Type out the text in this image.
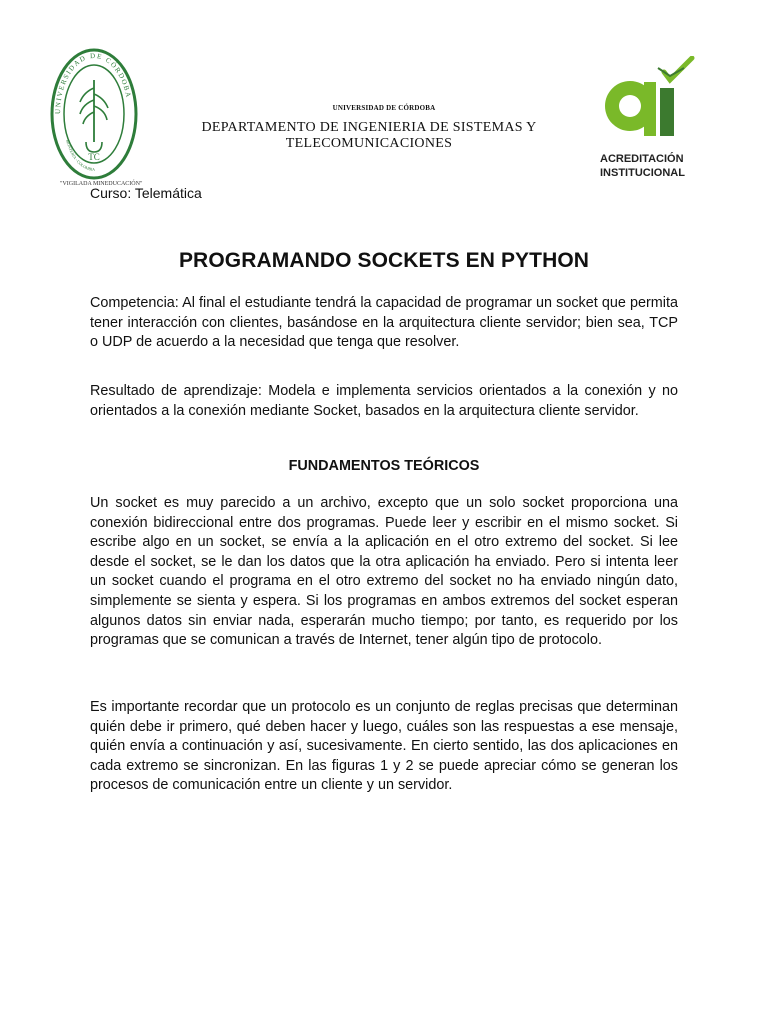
UNIVERSIDAD DE CÓRDOBA
MONTERÍA - COLOMBIA
TC
"VIGILADA MINEDUCACIÓN"
UNIVERSIDAD DE CÓRDOBA
DEPARTAMENTO DE INGENIERIA DE SISTEMAS Y TELECOMUNICACIONES
ACREDITACIÓN
INSTITUCIONAL
Curso: Telemática
PROGRAMANDO SOCKETS EN PYTHON

Competencia: Al final el estudiante tendrá la capacidad de programar un socket que permita tener interacción con clientes, basándose en la arquitectura cliente servidor; bien sea, TCP o UDP de acuerdo a la necesidad que tenga que resolver.

Resultado de aprendizaje: Modela e implementa servicios orientados a la conexión y no orientados a la conexión mediante Socket, basados en la arquitectura cliente servidor.

FUNDAMENTOS TEÓRICOS

Un socket es muy parecido a un archivo, excepto que un solo socket proporciona una conexión bidireccional entre dos programas. Puede leer y escribir en el mismo socket. Si escribe algo en un socket, se envía a la aplicación en el otro extremo del socket. Si lee desde el socket, se le dan los datos que la otra aplicación ha enviado. Pero si intenta leer un socket cuando el programa en el otro extremo del socket no ha enviado ningún dato, simplemente se sienta y espera. Si los programas en ambos extremos del socket esperan algunos datos sin enviar nada, esperarán mucho tiempo; por tanto, es requerido por los programas que se comunican a través de Internet, tener algún tipo de protocolo.

Es importante recordar que un protocolo es un conjunto de reglas precisas que determinan quién debe ir primero, qué deben hacer y luego, cuáles son las respuestas a ese mensaje, quién envía a continuación y así, sucesivamente. En cierto sentido, las dos aplicaciones en cada extremo se sincronizan. En las figuras 1 y 2 se puede apreciar cómo se generan los procesos de comunicación entre un cliente y un servidor.
